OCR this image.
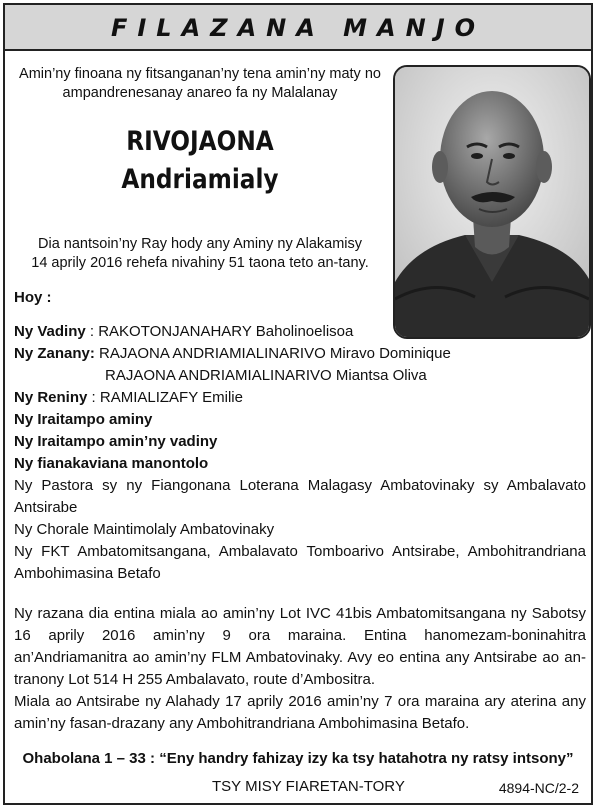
FILAZANA MANJO
Amin’ny finoana ny fitsanganan’ny tena amin’ny maty no
ampandrenesanay anareo fa ny Malalanay
RIVOJAONA
Andriamialy
Dia nantsoin’ny Ray hody any Aminy ny Alakamisy
14 aprily 2016 rehefa nivahiny 51 taona teto an-tany.
Hoy :
Ny Vadiny : RAKOTONJANAHARY Baholinoelisoa
Ny Zanany: RAJAONA ANDRIAMIALINARIVO Miravo Dominique
RAJAONA ANDRIAMIALINARIVO Miantsa Oliva
Ny Reniny : RAMIALIZAFY Emilie
Ny Iraitampo aminy
Ny Iraitampo amin’ny vadiny
Ny fianakaviana manontolo
Ny Pastora sy ny Fiangonana Loterana Malagasy Ambatovinaky sy Ambalavato Antsirabe
Ny Chorale Maintimolaly Ambatovinaky
Ny FKT Ambatomitsangana, Ambalavato Tomboarivo Antsirabe, Ambohitrandriana Ambohimasina Betafo
Ny razana dia entina miala ao amin’ny Lot IVC 41bis Ambatomitsangana ny Sabotsy 16 aprily 2016 amin’ny 9 ora maraina. Entina hanomezam-boninahitra an’Andriamanitra ao amin’ny FLM Ambatovinaky. Avy eo entina any Antsirabe ao an-tranony Lot 514 H 255 Ambalavato, route d’Ambositra.
Miala ao Antsirabe ny Alahady 17 aprily 2016 amin’ny 7 ora maraina ary aterina any amin’ny fasan-drazany any Ambohitrandriana Ambohimasina Betafo.
Ohabolana 1 – 33 : “Eny handry fahizay izy ka tsy hatahotra ny ratsy intsony”
TSY MISY FIARETAN-TORY	4894-NC/2-2
